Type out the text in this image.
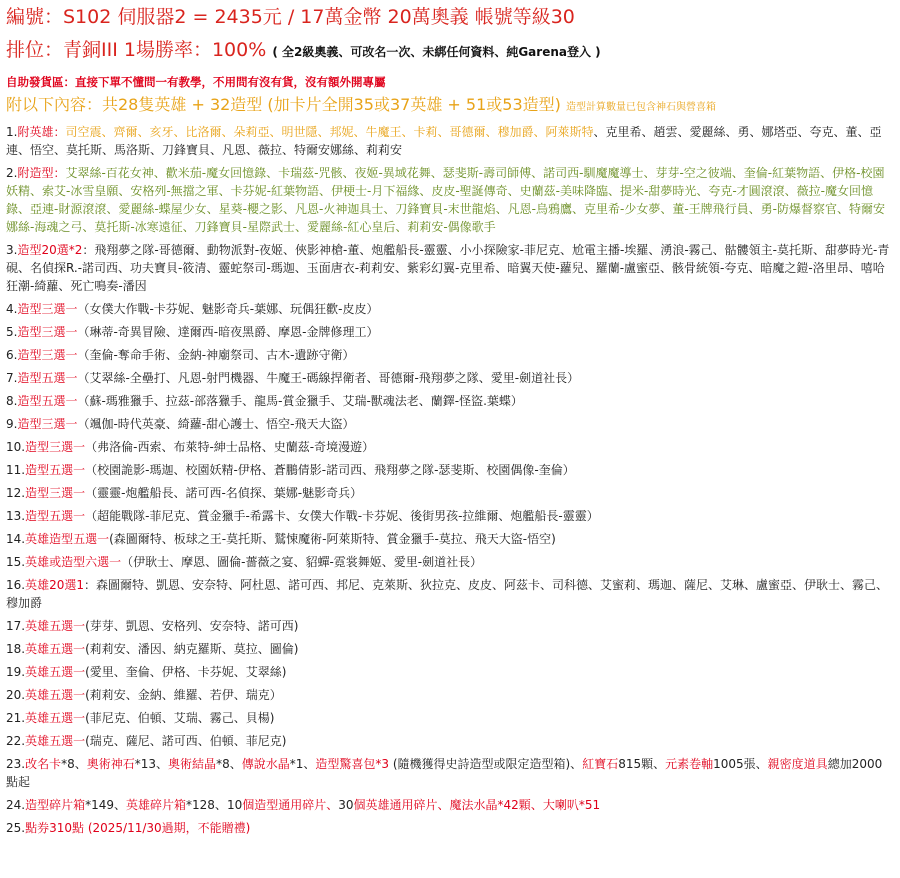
編號：S102 伺服器2 = 2435元 / 17萬金幣 20萬奧義 帳號等級30
排位：青銅III 1場勝率：100% ( 全2級奧義、可改名一次、未綁任何資料、純Garena登入 )
自助發貨區：直接下單不懂問一有教學，不用問有沒有貨，沒有額外開專屬
附以下內容：共28隻英雄 + 32造型 (加卡片全開35或37英雄 + 51或53造型) 造型計算數量已包含神石與營喜箱
1.附英雄：司空震、齊爾、亥牙、比洛爾、朵莉亞、明世隱、邦妮、牛魔王、卡莉、哥德爾、穆加爵、阿萊斯特、克里希、趙雲、愛麗絲、勇、娜塔亞、夸克、董、亞連、悟空、莫托斯、馬洛斯、刀鋒寶貝、凡恩、薇拉、特爾安娜絲、莉莉安
2.附造型：艾翠絲-百花女神、歡米茄-魔女回憶錄、卡瑞茲-咒骸、夜姬-異域花舞、瑟斐斯-壽司師傅、諾司西-馴魔魔導士、芽芽-空之彼端、奎倫-紅葉物語、伊格-校園妖精、索艾-冰雪皇願、安格列-無擋之軍、卡芬妮-紅葉物語、伊梗士-月下福緣、皮皮-聖誕傳奇、史蘭茲-美味降臨、提米-甜夢時光、夸克-才圓滾滾、薇拉-魔女回憶錄、亞連-財源滾滾、愛麗絲-蝶屋少女、星葵-櫻之影、凡恩-火神迦具士、刀鋒寶貝-末世龍焰、凡恩-烏鴉鷹、克里希-少女夢、董-王牌飛行員、勇-防爆督察官、特爾安娜絲-海魂之弓、莫托斯-冰寒遠征、刀鋒寶貝-星際武士、愛麗絲-紅心皇后、莉莉安-偶像歌手
3.造型20選*2：飛翔夢之隊-哥德爾、動物派對-夜姬、俠影神槍-董、炮艦船長-靈靈、小小探險家-菲尼克、尬電主播-埃羅、湧浪-霧己、骷髏領主-莫托斯、甜夢時光-青硯、名偵探R.-諾司西、功夫寶貝-筱清、靈蛇祭司-瑪迦、玉面唐衣-莉莉安、紫彩幻翼-克里希、暗翼天使-蘿兒、羅蘭-盧蜜亞、骸骨統領-夸克、暗魔之鎧-洛里昂、嘻哈狂潮-綺蘿、死亡鳴奏-潘因
4.造型三選一（女僕大作戰-卡芬妮、魅影奇兵-葉娜、玩偶狂歡-皮皮）
5.造型三選一（琳蒂-奇異冒險、達爾西-暗夜黑爵、摩恩-金牌修理工）
6.造型三選一（奎倫-奪命手術、金納-神廟祭司、古木-遺跡守衛）
7.造型五選一（艾翠絲-全壘打、凡恩-射門機器、牛魔王-碼線捍衛者、哥德爾-飛翔夢之隊、愛里-劍道社長）
8.造型五選一（蘇-瑪雅獵手、拉茲-部落獵手、龍馬-賞金獵手、艾瑞-獸魂法老、蘭鐸-怪盜.葉蝶）
9.造型三選一（颯伽-時代英豪、綺蘿-甜心護士、悟空-飛天大盜）
10.造型三選一（弗洛倫-西索、布萊特-紳士品格、史蘭茲-奇境漫遊）
11.造型五選一（校園詭影-瑪迦、校園妖精-伊格、蒼鵬倩影-諾司西、飛翔夢之隊-瑟斐斯、校園偶像-奎倫）
12.造型三選一（靈靈-炮艦船長、諾可西-名偵探、葉娜-魅影奇兵）
13.造型五選一（超能戰隊-菲尼克、賞金獵手-希露卡、女僕大作戰-卡芬妮、後街男孩-拉維爾、炮艦船長-靈靈）
14.英雄造型五選一(森圖爾特、板球之王-莫托斯、鷲悚魔術-阿萊斯特、賞金獵手-莫拉、飛天大盜-悟空)
15.英雄或造型六選一（伊耿士、摩恩、圖倫-薔薇之宴、貂蟬-霓裳舞姬、愛里-劍道社長）
16.英雄20選1：森圖爾特、凱恩、安奈特、阿杜恩、諾可西、邦尼、克萊斯、狄拉克、皮皮、阿茲卡、司科德、艾蜜莉、瑪迦、薩尼、艾琳、盧蜜亞、伊耿士、霧己、穆加爵
17.英雄五選一(芽芽、凱恩、安格列、安奈特、諾可西)
18.英雄五選一(莉莉安、潘因、納克羅斯、莫拉、圖倫)
19.英雄五選一(愛里、奎倫、伊格、卡芬妮、艾翠絲)
20.英雄五選一(莉莉安、金納、維羅、若伊、瑞克）
21.英雄五選一(菲尼克、伯頓、艾瑞、霧己、貝楊)
22.英雄五選一(瑞克、薩尼、諾可西、伯頓、菲尼克)
23.改名卡*8、奧術神石*13、奧術結晶*8、傳說水晶*1、造型驚喜包*3 (隨機獲得史詩造型或限定造型箱)、紅寶石815顆、元素卷軸1005張、親密度道具總加2000點起
24.造型碎片箱*149、英雄碎片箱*128、10個造型通用碎片、30個英雄通用碎片、魔法水晶*42顆、大喇叭*51
25.點券310點 (2025/11/30過期，不能贈禮)
